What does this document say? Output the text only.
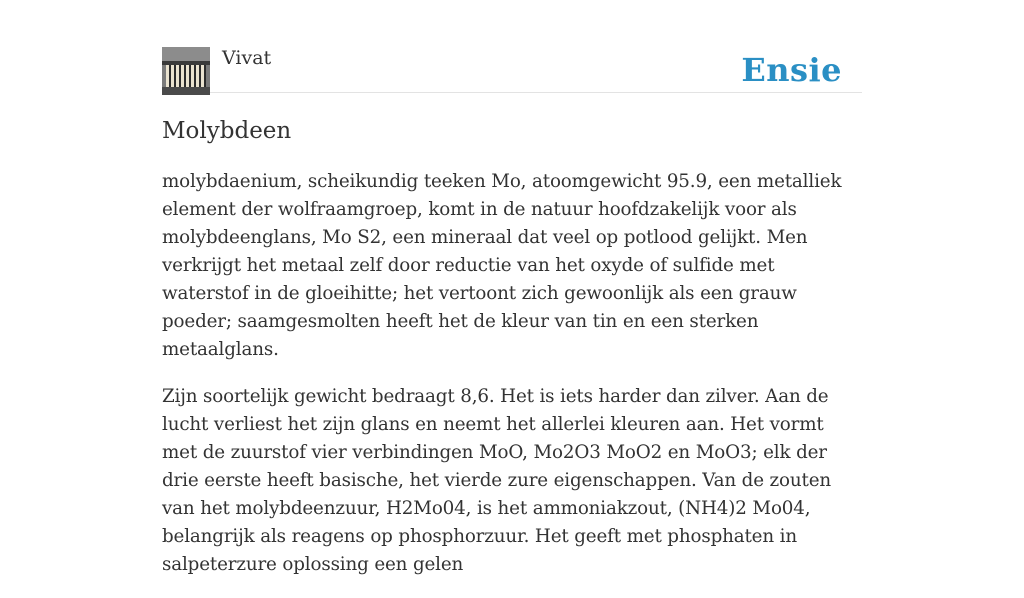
Vivat	Ensie
Molybdeen

molybdaenium, scheikundig teeken Mo, atoomgewicht 95.9, een metalliek element der wolfraamgroep, komt in de natuur hoofdzakelijk voor als molybdeenglans, Mo S2, een mineraal dat veel op potlood gelijkt. Men verkrijgt het metaal zelf door reductie van het oxyde of sulfide met waterstof in de gloeihitte; het vertoont zich gewoonlijk als een grauw poeder; saamgesmolten heeft het de kleur van tin en een sterken metaalglans.

Zijn soortelijk gewicht bedraagt 8,6. Het is iets harder dan zilver. Aan de lucht verliest het zijn glans en neemt het allerlei kleuren aan. Het vormt met de zuurstof vier verbindingen MoO, Mo2O3 MoO2 en MoO3; elk der drie eerste heeft basische, het vierde zure eigenschappen. Van de zouten van het molybdeenzuur, H2Mo04, is het ammoniakzout, (NH4)2 Mo04, belangrijk als reagens op phosphorzuur. Het geeft met phosphaten in salpeterzure oplossing een gelen
